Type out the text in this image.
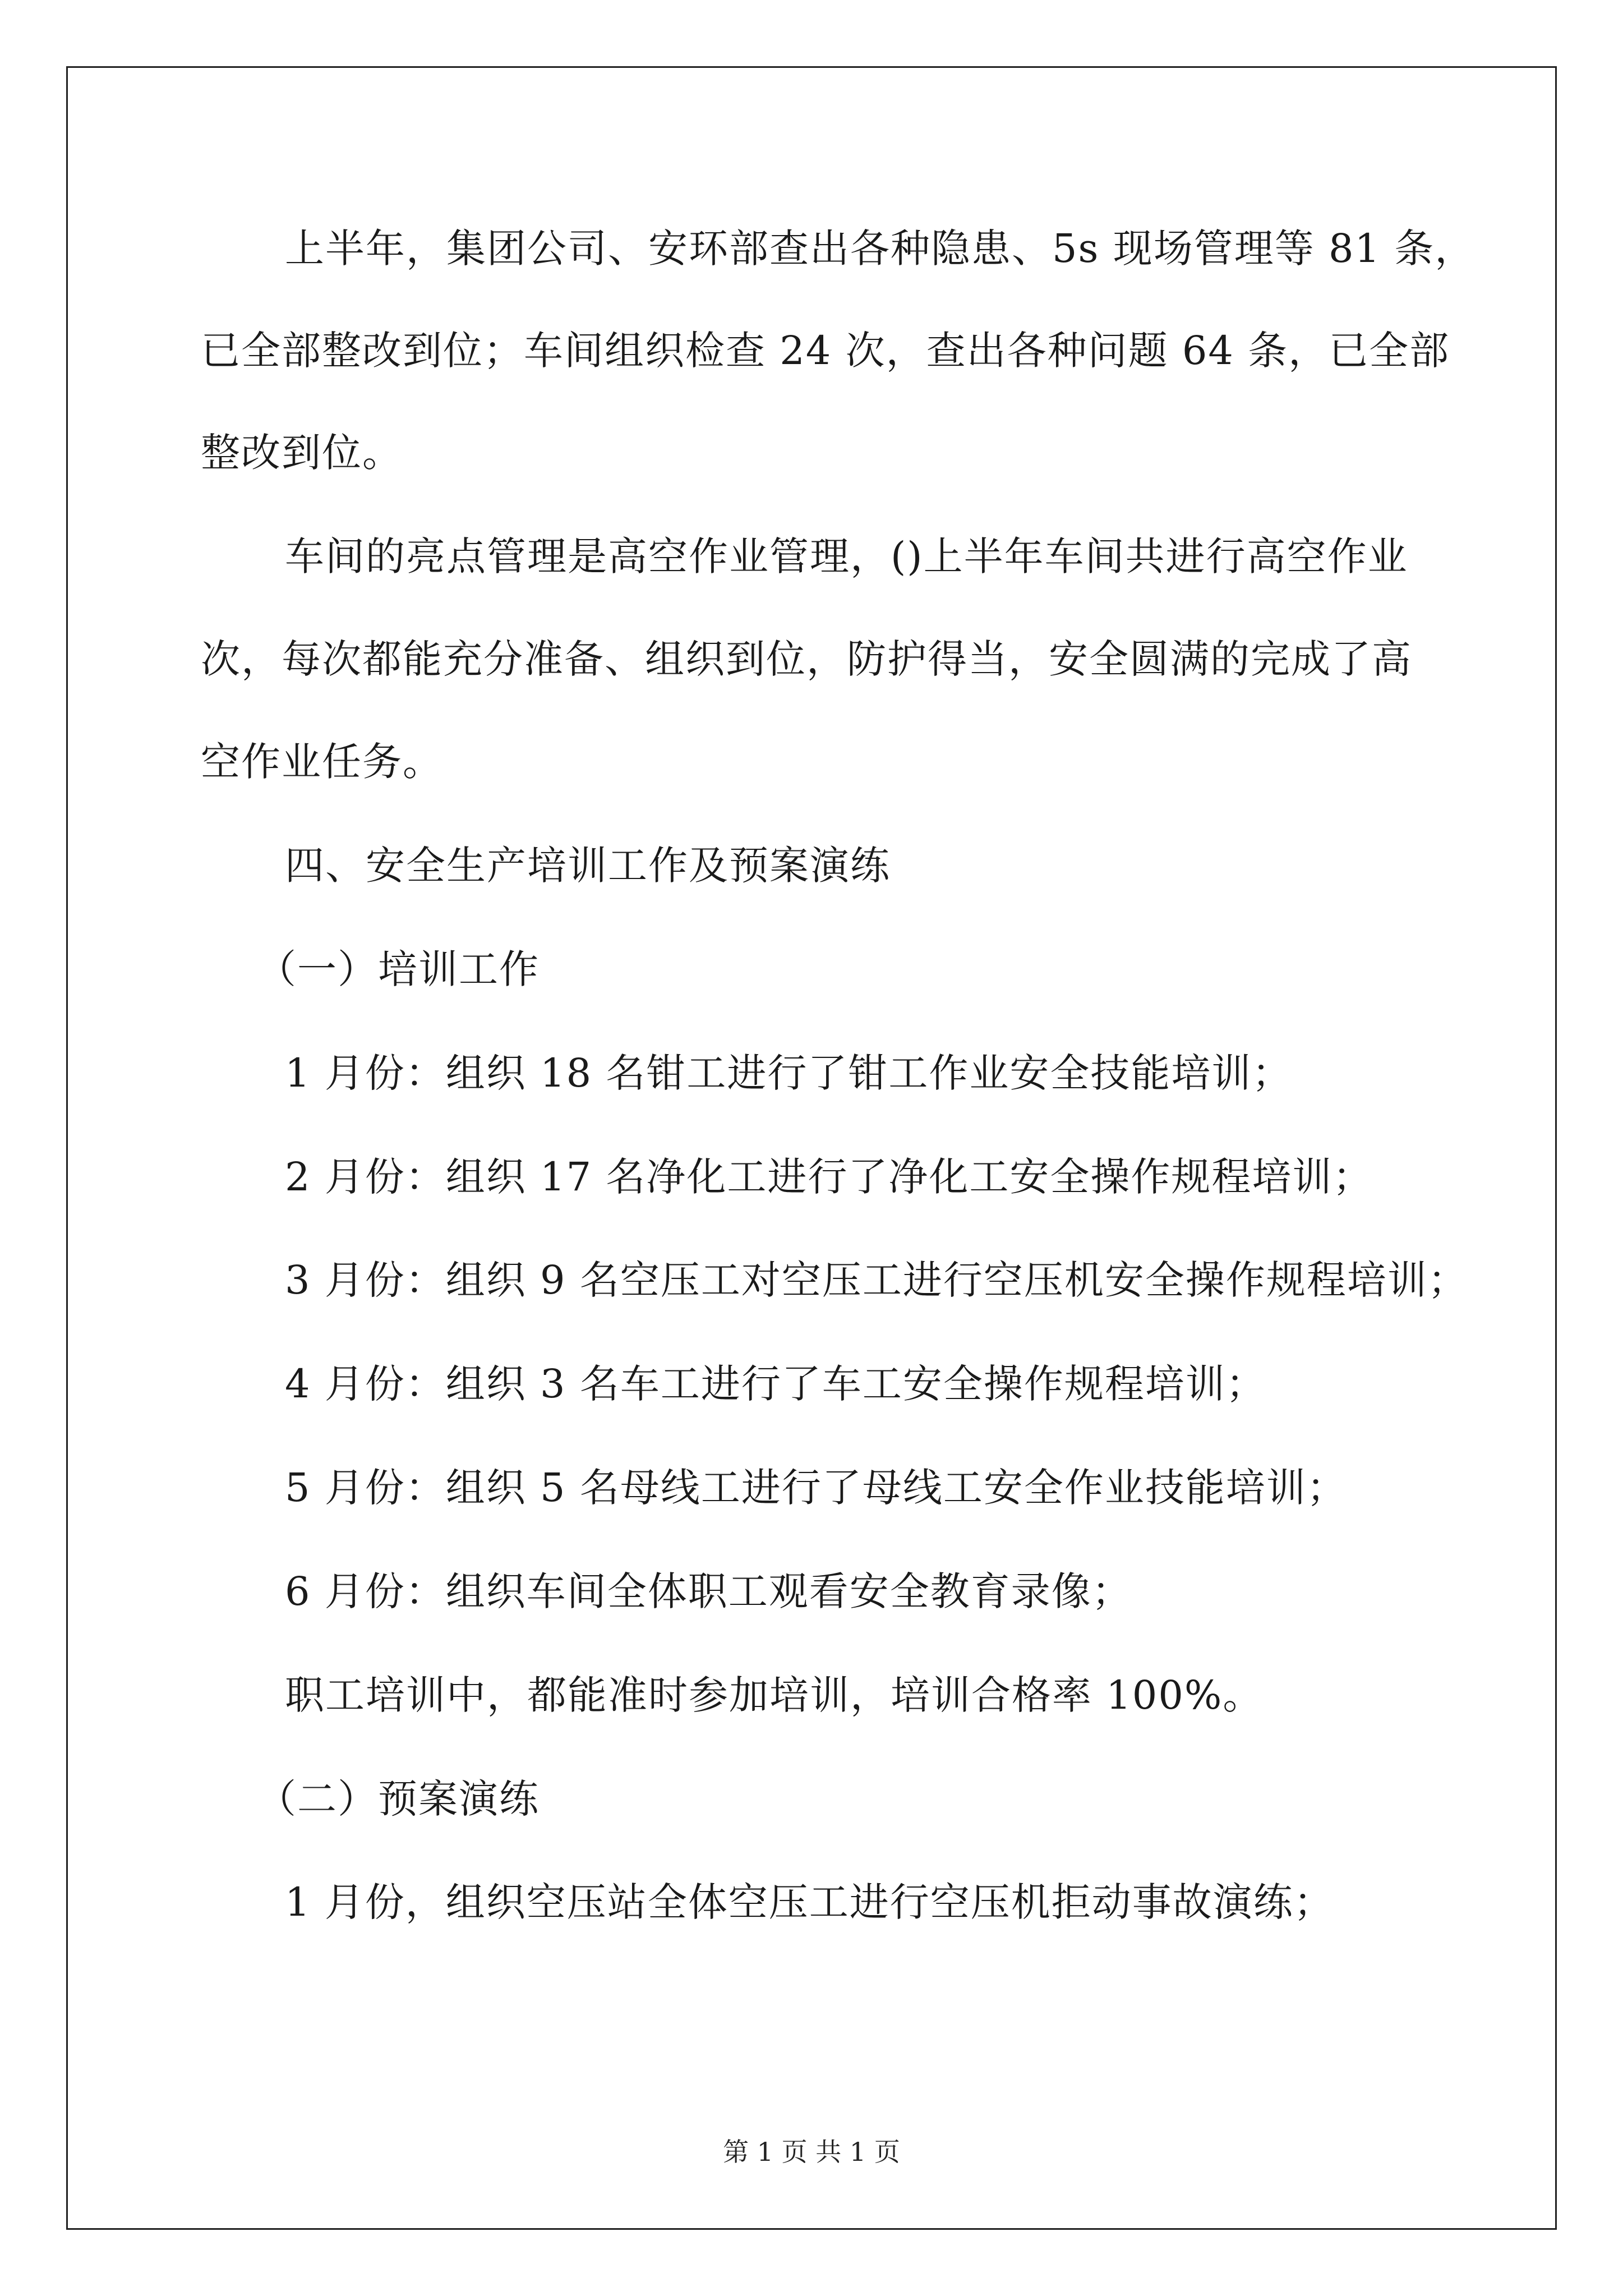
上半年，集团公司、安环部查出各种隐患、5s 现场管理等 81 条，
已全部整改到位；车间组织检查 24 次，查出各种问题 64 条，已全部
整改到位。
车间的亮点管理是高空作业管理，()上半年车间共进行高空作业
次，每次都能充分准备、组织到位，防护得当，安全圆满的完成了高
空作业任务。
四、安全生产培训工作及预案演练
（一）培训工作
1 月份：组织 18 名钳工进行了钳工作业安全技能培训；
2 月份：组织 17 名净化工进行了净化工安全操作规程培训；
3 月份：组织 9 名空压工对空压工进行空压机安全操作规程培训；
4 月份：组织 3 名车工进行了车工安全操作规程培训；
5 月份：组织 5 名母线工进行了母线工安全作业技能培训；
6 月份：组织车间全体职工观看安全教育录像；
职工培训中，都能准时参加培训，培训合格率 100%。
（二）预案演练
1 月份，组织空压站全体空压工进行空压机拒动事故演练；
第 1 页 共 1 页
